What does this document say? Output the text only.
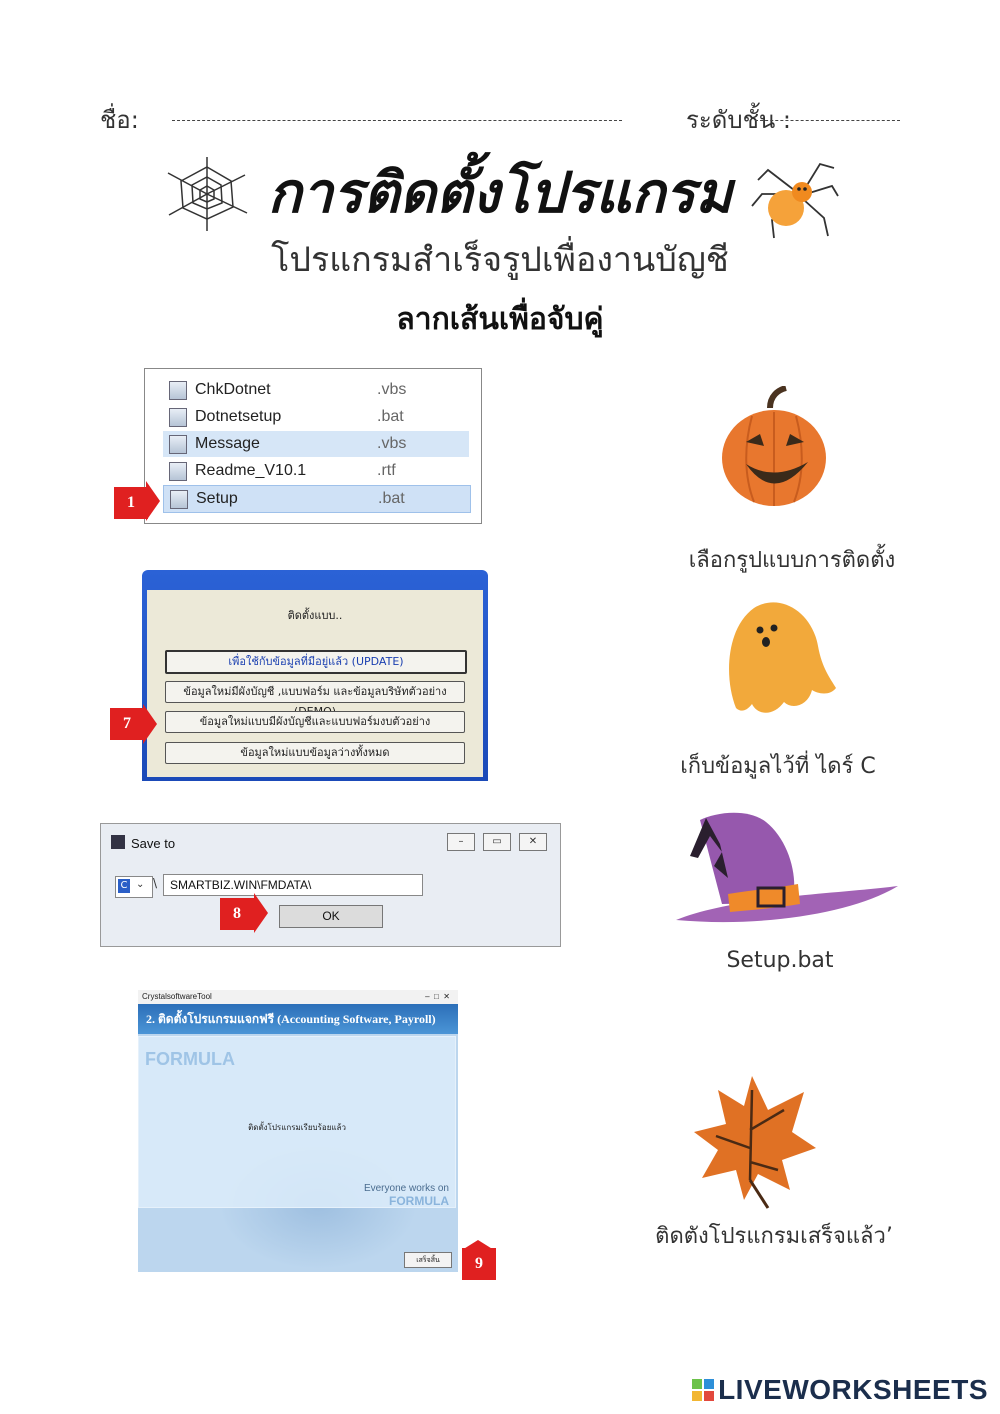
ชื่อ:	ระดับชั้น :
การติดตั้งโปรแกรม
โปรแกรมสำเร็จรูปเพื่องานบัญชี
ลากเส้นเพื่อจับคู่
ChkDotnet	.vbs
Dotnetsetup	.bat
Message	.vbs
Readme_V10.1	.rtf
Setup	.bat
1
ติดตั้งแบบ..
เพื่อใช้กับข้อมูลที่มีอยู่แล้ว (UPDATE)
ข้อมูลใหม่มีผังบัญชี ,แบบฟอร์ม และข้อมูลบริษัทตัวอย่าง
ข้อมูลใหม่แบบมีผังบัญชีและแบบฟอร์มงบตัวอย่าง
ข้อมูลใหม่แบบข้อมูลว่างทั้งหมด
7
Save to	–	▭	✕
C ⌄ \	SMARTBIZ.WIN\FMDATA\
OK
8
CrystalsoftwareTool	–  □  ✕
2. ติดตั้งโปรแกรมแจกฟรี (Accounting Software, Payroll)
FORMULA
ติดตั้งโปรแกรมเรียบร้อยแล้ว
Everyone works on
FORMULA
เสร็จสิ้น	9
เลือกรูปแบบการติดตั้ง
เก็บข้อมูลไว้ที่ ไดร์ C
Setup.bat
ติดตังโปรแกรมเสร็จแล้ว’
LIVEWORKSHEETS
